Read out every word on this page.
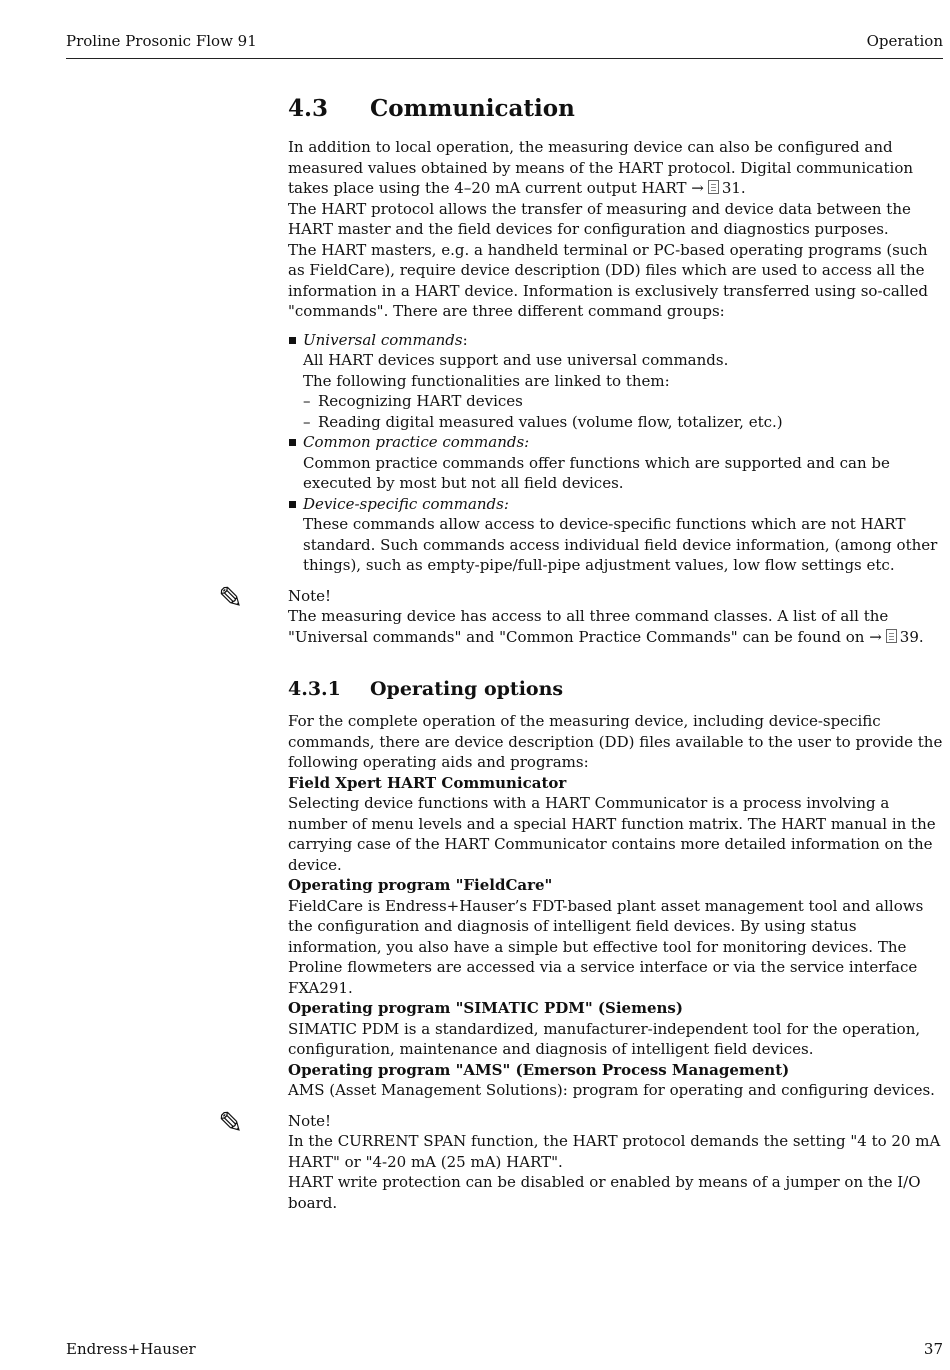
Proline Prosonic Flow 91	Operation
4.3 Communication

In addition to local operation, the measuring device can also be configured and measured values obtained by means of the HART protocol. Digital communication takes place using the 4–20 mA current output HART → 31.

The HART protocol allows the transfer of measuring and device data between the HART master and the field devices for configuration and diagnostics purposes.

The HART masters, e.g. a handheld terminal or PC-based operating programs (such as FieldCare), require device description (DD) files which are used to access all the information in a HART device. Information is exclusively transferred using so-called "commands". There are three different command groups:

Universal commands:
All HART devices support and use universal commands.
The following functionalities are linked to them:
– Recognizing HART devices
– Reading digital measured values (volume flow, totalizer, etc.)
Common practice commands:
Common practice commands offer functions which are supported and can be executed by most but not all field devices.
Device-specific commands:
These commands allow access to device-specific functions which are not HART standard. Such commands access individual field device information, (among other things), such as empty-pipe/full-pipe adjustment values, low flow settings etc.
✎	Note!

The measuring device has access to all three command classes. A list of all the "Universal commands" and "Common Practice Commands" can be found on → 39.

4.3.1 Operating options

For the complete operation of the measuring device, including device-specific commands, there are device description (DD) files available to the user to provide the following operating aids and programs:

Field Xpert HART Communicator

Selecting device functions with a HART Communicator is a process involving a number of menu levels and a special HART function matrix. The HART manual in the carrying case of the HART Communicator contains more detailed information on the device.

Operating program "FieldCare"

FieldCare is Endress+Hauser’s FDT-based plant asset management tool and allows the configuration and diagnosis of intelligent field devices. By using status information, you also have a simple but effective tool for monitoring devices. The Proline flowmeters are accessed via a service interface or via the service interface FXA291.

Operating program "SIMATIC PDM" (Siemens)

SIMATIC PDM is a standardized, manufacturer-independent tool for the operation, configuration, maintenance and diagnosis of intelligent field devices.

Operating program "AMS" (Emerson Process Management)

AMS (Asset Management Solutions): program for operating and configuring devices.

✎	Note!

In the CURRENT SPAN function, the HART protocol demands the setting "4 to 20 mA HART" or "4-20 mA (25 mA) HART".

HART write protection can be disabled or enabled by means of a jumper on the I/O board.

Endress+Hauser	37
